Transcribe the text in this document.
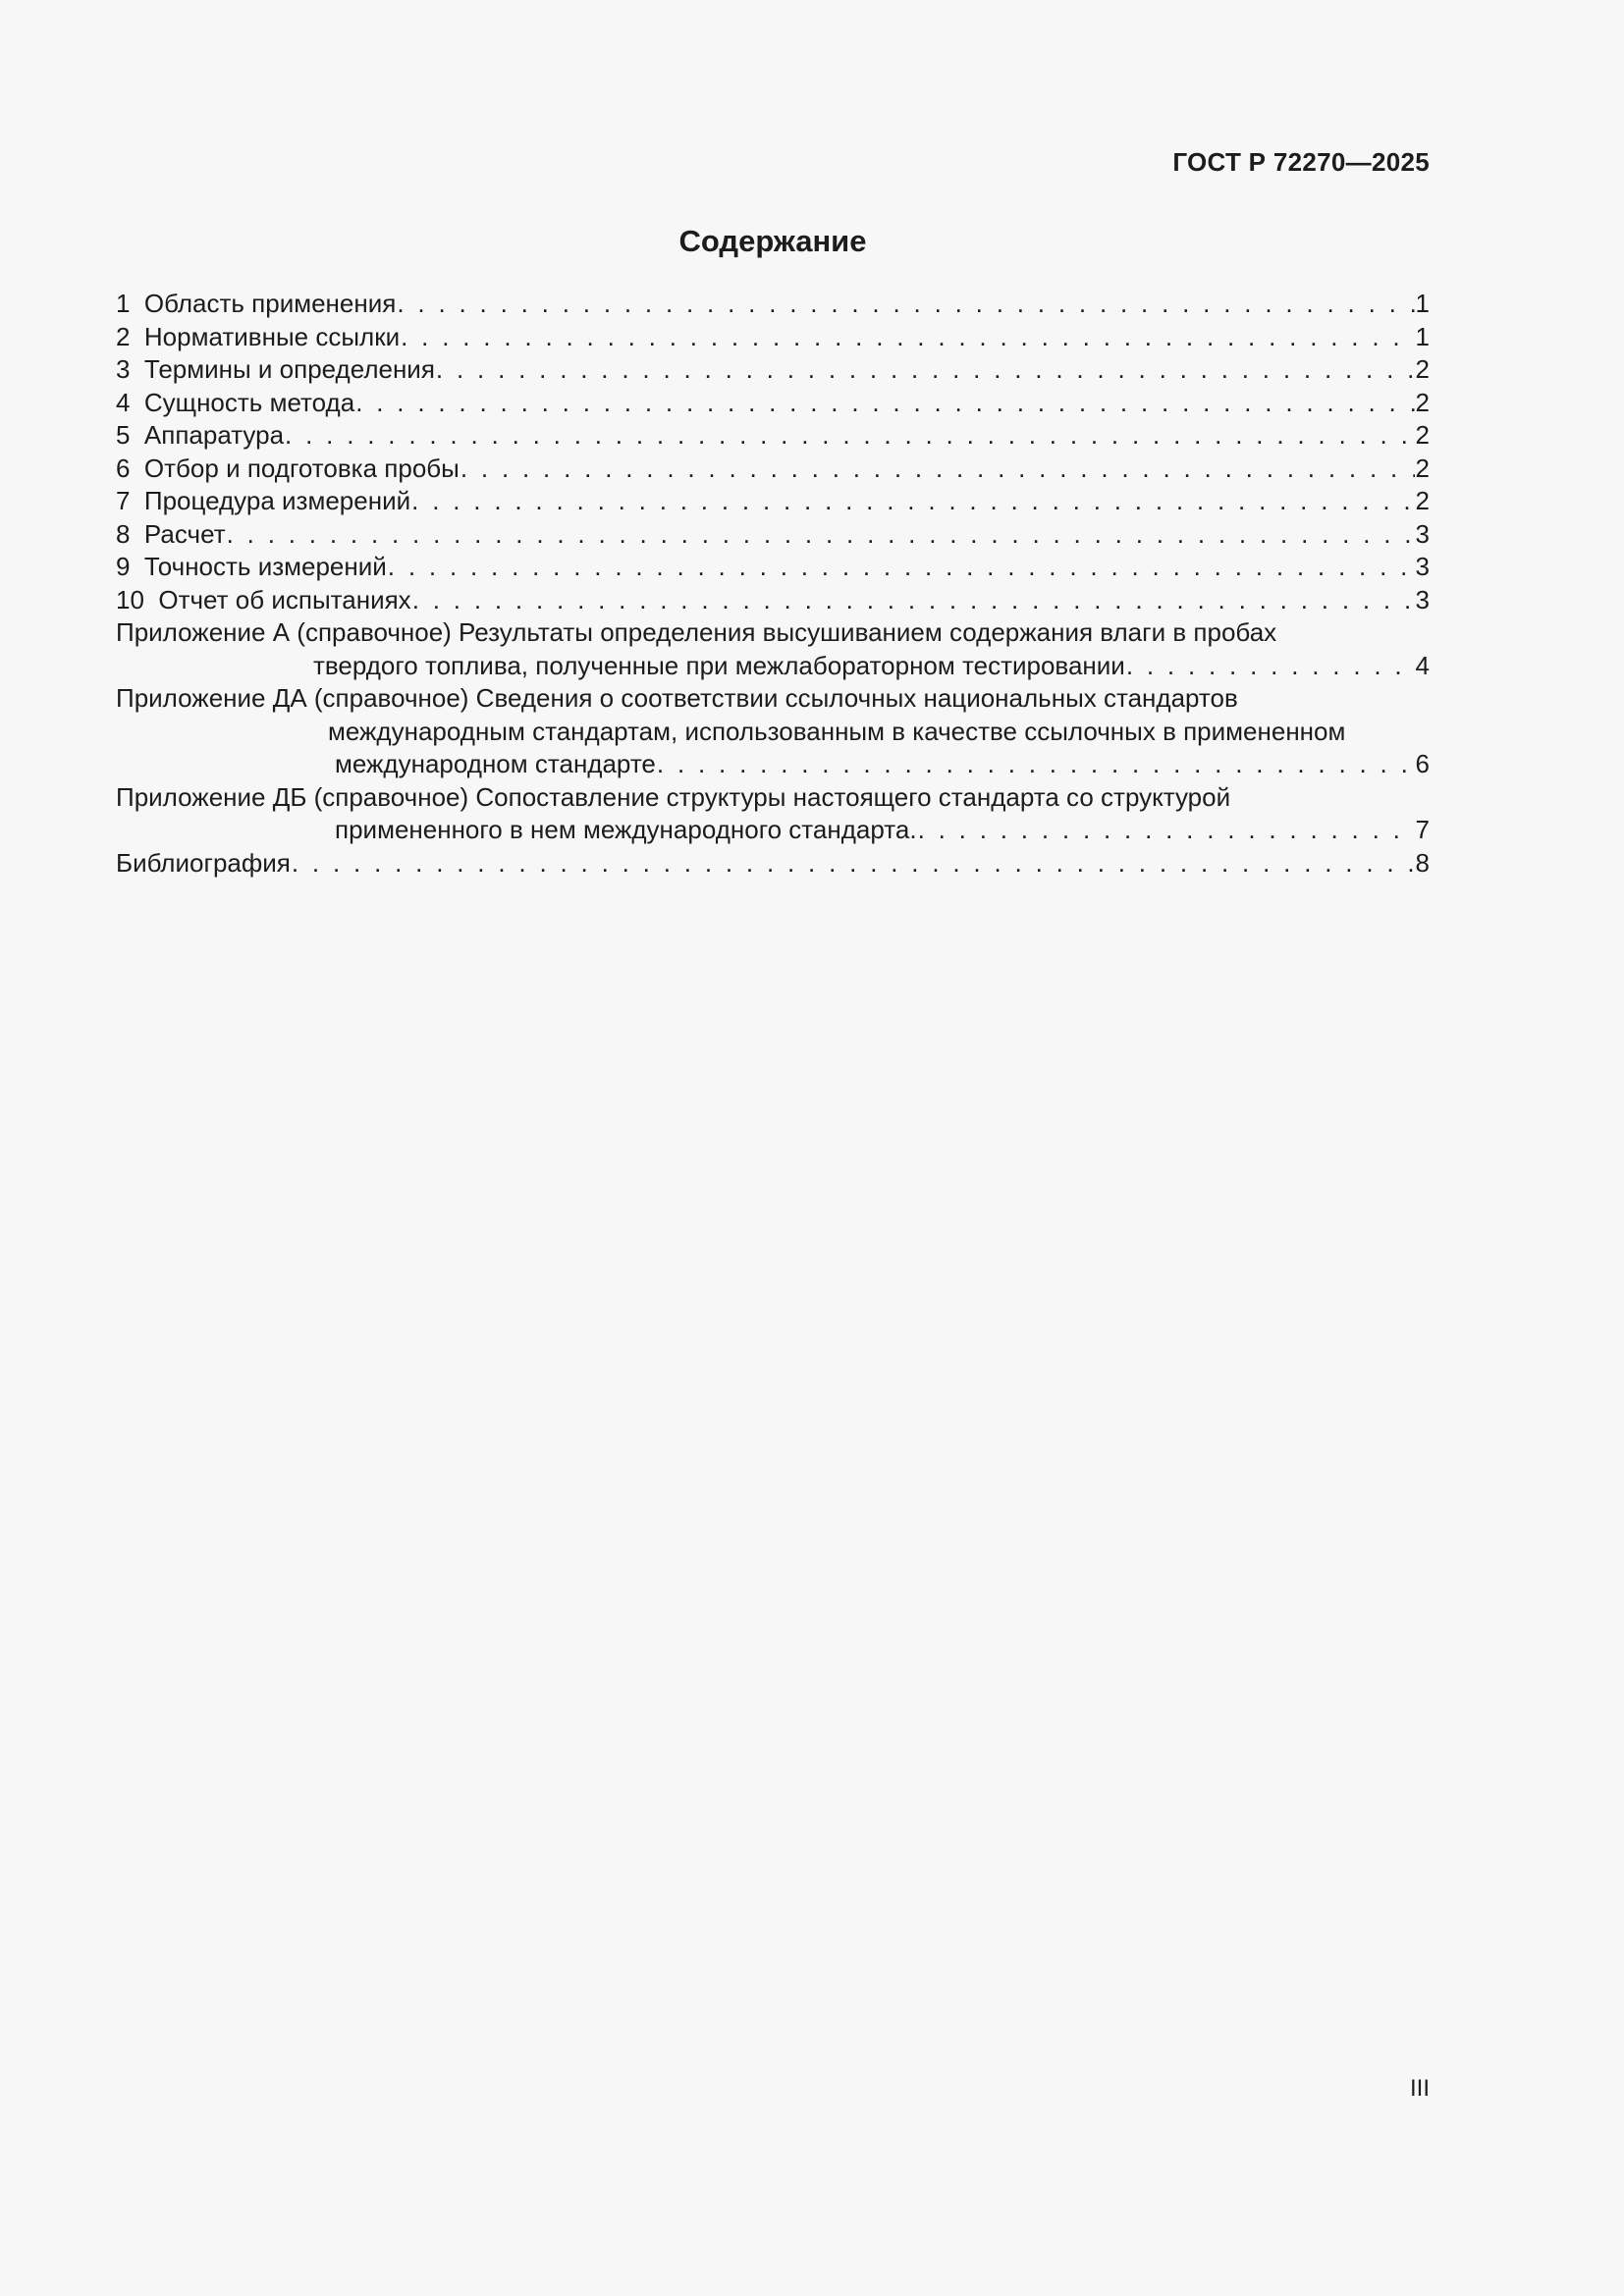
ГОСТ Р 72270—2025
Содержание
1  Область применения . . .	1
2  Нормативные ссылки . . .	1
3  Термины и определения . . .	2
4  Сущность метода . . .	2
5  Аппаратура . . .	2
6  Отбор и подготовка пробы . . .	2
7  Процедура измерений . . .	2
8  Расчет . . .	3
9  Точность измерений . . .	3
10  Отчет об испытаниях . . .	3
Приложение А (справочное) Результаты определения высушиванием содержания влаги в пробах
твердого топлива, полученные при межлабораторном тестировании . . .	4
Приложение ДА (справочное) Сведения о соответствии ссылочных национальных стандартов
международным стандартам, использованным в качестве ссылочных в примененном
международном стандарте . . .	6
Приложение ДБ (справочное) Сопоставление структуры настоящего стандарта со структурой
примененного в нем международного стандарта. . . .	7
Библиография . . .	8
III
